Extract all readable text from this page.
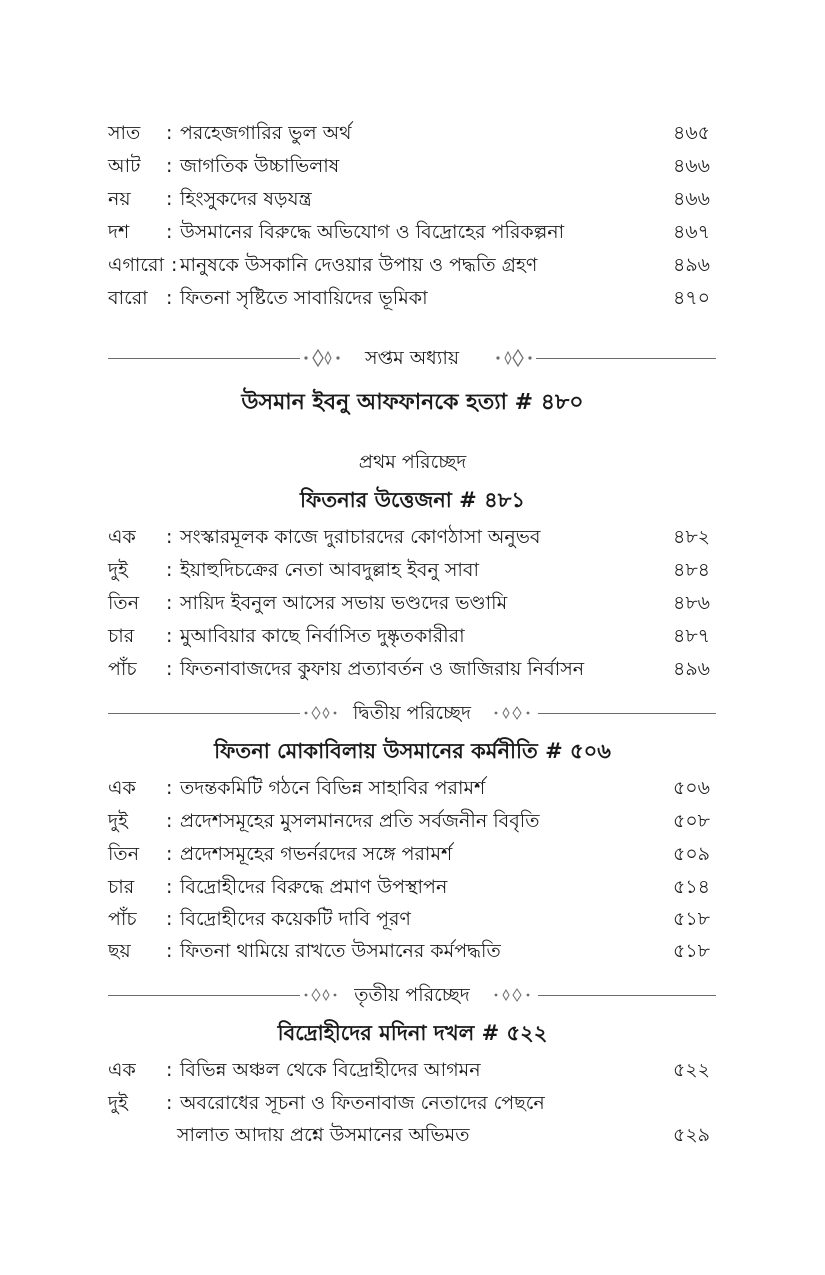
সাত : পরহেজগারির ভুল অর্থ	৪৬৫
আট : জাগতিক উচ্চাভিলাষ	৪৬৬
নয় : হিংসুকদের ষড়যন্ত্র	৪৬৬
দশ : উসমানের বিরুদ্ধে অভিযোগ ও বিদ্রোহের পরিকল্পনা	৪৬৭
এগারো : মানুষকে উসকানি দেওয়ার উপায় ও পদ্ধতি গ্রহণ	৪৯৬
বারো : ফিতনা সৃষ্টিতে সাবায়িদের ভূমিকা	৪৭০
সপ্তম অধ্যায়
উসমান ইবনু আফফানকে হত্যা # ৪৮০
প্রথম পরিচ্ছেদ
ফিতনার উত্তেজনা # ৪৮১
এক : সংস্কারমূলক কাজে দুরাচারদের কোণঠাসা অনুভব	৪৮২
দুই : ইয়াহুদিচক্রের নেতা আবদুল্লাহ ইবনু সাবা	৪৮৪
তিন : সায়িদ ইবনুল আসের সভায় ভণ্ডদের ভণ্ডামি	৪৮৬
চার : মুআবিয়ার কাছে নির্বাসিত দুষ্কৃতকারীরা	৪৮৭
পাঁচ : ফিতনাবাজদের কুফায় প্রত্যাবর্তন ও জাজিরায় নির্বাসন	৪৯৬
দ্বিতীয় পরিচ্ছেদ
ফিতনা মোকাবিলায় উসমানের কর্মনীতি # ৫০৬
এক : তদন্তকমিটি গঠনে বিভিন্ন সাহাবির পরামর্শ	৫০৬
দুই : প্রদেশসমূহের মুসলমানদের প্রতি সর্বজনীন বিবৃতি	৫০৮
তিন : প্রদেশসমূহের গভর্নরদের সঙ্গে পরামর্শ	৫০৯
চার : বিদ্রোহীদের বিরুদ্ধে প্রমাণ উপস্থাপন	৫১৪
পাঁচ : বিদ্রোহীদের কয়েকটি দাবি পূরণ	৫১৮
ছয় : ফিতনা থামিয়ে রাখতে উসমানের কর্মপদ্ধতি	৫১৮
তৃতীয় পরিচ্ছেদ
বিদ্রোহীদের মদিনা দখল # ৫২২
এক : বিভিন্ন অঞ্চল থেকে বিদ্রোহীদের আগমন	৫২২
দুই : অবরোধের সূচনা ও ফিতনাবাজ নেতাদের পেছনে
সালাত আদায় প্রশ্নে উসমানের অভিমত	৫২৯
